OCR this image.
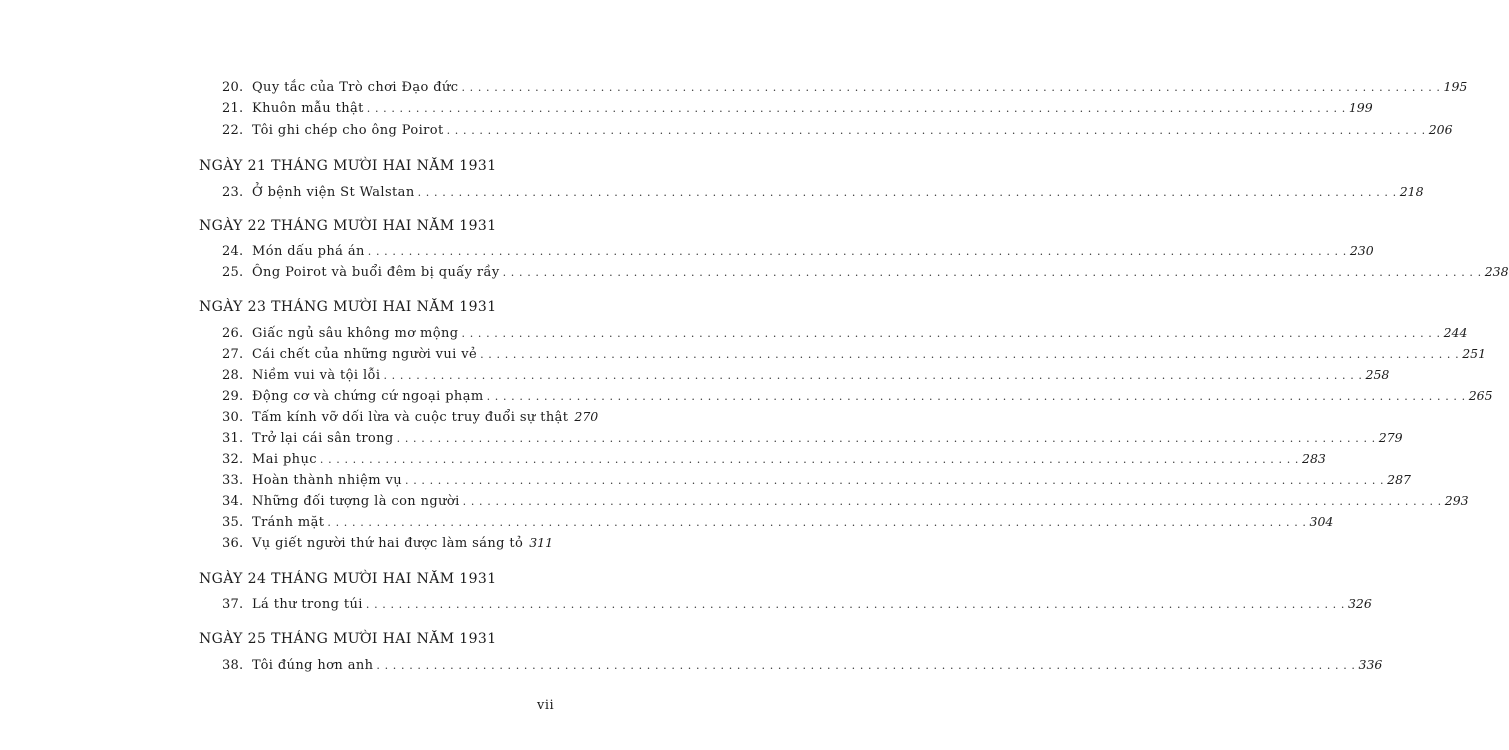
20. Quy tắc của Trò chơi Đạo đức . . . . . . . . . . . . . . . . . . . . . . . . . . . . . . . . . . . . . . . . . . . . . . . . . . . . . . . . . . . . . . . . . . . . . . . . . . . . . . . . . . . . . . . . . . . . . . . . . . . . . . . . . . . . . . . . . . . . . . . . 195
21. Khuôn mẫu thật . . . . . . . . . . . . . . . . . . . . . . . . . . . . . . . . . . . . . . . . . . . . . . . . . . . . . . . . . . . . . . . . . . . . . . . . . . . . . . . . . . . . . . . . . . . . . . . . . . . . . . . . . . . . . . . . . . . . . . . . 199
22. Tôi ghi chép cho ông Poirot . . . . . . . . . . . . . . . . . . . . . . . . . . . . . . . . . . . . . . . . . . . . . . . . . . . . . . . . . . . . . . . . . . . . . . . . . . . . . . . . . . . . . . . . . . . . . . . . . . . . . . . . . . . . . . . . . . . . . . . . 206
NGÀY 21 THÁNG MƯỜI HAI NĂM 1931
23. Ở bệnh viện St Walstan . . . . . . . . . . . . . . . . . . . . . . . . . . . . . . . . . . . . . . . . . . . . . . . . . . . . . . . . . . . . . . . . . . . . . . . . . . . . . . . . . . . . . . . . . . . . . . . . . . . . . . . . . . . . . . . . . . . . . . . . 218
NGÀY 22 THÁNG MƯỜI HAI NĂM 1931
24. Món dấu phá án . . . . . . . . . . . . . . . . . . . . . . . . . . . . . . . . . . . . . . . . . . . . . . . . . . . . . . . . . . . . . . . . . . . . . . . . . . . . . . . . . . . . . . . . . . . . . . . . . . . . . . . . . . . . . . . . . . . . . . . . 230
25. Ông Poirot và buổi đêm bị quấy rầy . . . . . . . . . . . . . . . . . . . . . . . . . . . . . . . . . . . . . . . . . . . . . . . . . . . . . . . . . . . . . . . . . . . . . . . . . . . . . . . . . . . . . . . . . . . . . . . . . . . . . . . . . . . . . . . . . . . . . . . . 238
NGÀY 23 THÁNG MƯỜI HAI NĂM 1931
26. Giấc ngủ sâu không mơ mộng . . . . . . . . . . . . . . . . . . . . . . . . . . . . . . . . . . . . . . . . . . . . . . . . . . . . . . . . . . . . . . . . . . . . . . . . . . . . . . . . . . . . . . . . . . . . . . . . . . . . . . . . . . . . . . . . . . . . . . . . 244
27. Cái chết của những người vui vẻ . . . . . . . . . . . . . . . . . . . . . . . . . . . . . . . . . . . . . . . . . . . . . . . . . . . . . . . . . . . . . . . . . . . . . . . . . . . . . . . . . . . . . . . . . . . . . . . . . . . . . . . . . . . . . . . . . . . . . . . . 251
28. Niềm vui và tội lỗi . . . . . . . . . . . . . . . . . . . . . . . . . . . . . . . . . . . . . . . . . . . . . . . . . . . . . . . . . . . . . . . . . . . . . . . . . . . . . . . . . . . . . . . . . . . . . . . . . . . . . . . . . . . . . . . . . . . . . . . . 258
29. Động cơ và chứng cứ ngoại phạm . . . . . . . . . . . . . . . . . . . . . . . . . . . . . . . . . . . . . . . . . . . . . . . . . . . . . . . . . . . . . . . . . . . . . . . . . . . . . . . . . . . . . . . . . . . . . . . . . . . . . . . . . . . . . . . . . . . . . . . . 265
30. Tấm kính vỡ dối lừa và cuộc truy đuổi sự thật 270
31. Trở lại cái sân trong . . . . . . . . . . . . . . . . . . . . . . . . . . . . . . . . . . . . . . . . . . . . . . . . . . . . . . . . . . . . . . . . . . . . . . . . . . . . . . . . . . . . . . . . . . . . . . . . . . . . . . . . . . . . . . . . . . . . . . . . 279
32. Mai phục . . . . . . . . . . . . . . . . . . . . . . . . . . . . . . . . . . . . . . . . . . . . . . . . . . . . . . . . . . . . . . . . . . . . . . . . . . . . . . . . . . . . . . . . . . . . . . . . . . . . . . . . . . . . . . . . . . . . . . . . 283
33. Hoàn thành nhiệm vụ . . . . . . . . . . . . . . . . . . . . . . . . . . . . . . . . . . . . . . . . . . . . . . . . . . . . . . . . . . . . . . . . . . . . . . . . . . . . . . . . . . . . . . . . . . . . . . . . . . . . . . . . . . . . . . . . . . . . . . . . 287
34. Những đối tượng là con người . . . . . . . . . . . . . . . . . . . . . . . . . . . . . . . . . . . . . . . . . . . . . . . . . . . . . . . . . . . . . . . . . . . . . . . . . . . . . . . . . . . . . . . . . . . . . . . . . . . . . . . . . . . . . . . . . . . . . . . . 293
35. Tránh mặt . . . . . . . . . . . . . . . . . . . . . . . . . . . . . . . . . . . . . . . . . . . . . . . . . . . . . . . . . . . . . . . . . . . . . . . . . . . . . . . . . . . . . . . . . . . . . . . . . . . . . . . . . . . . . . . . . . . . . . . . 304
36. Vụ giết người thứ hai được làm sáng tỏ 311
NGÀY 24 THÁNG MƯỜI HAI NĂM 1931
37. Lá thư trong túi . . . . . . . . . . . . . . . . . . . . . . . . . . . . . . . . . . . . . . . . . . . . . . . . . . . . . . . . . . . . . . . . . . . . . . . . . . . . . . . . . . . . . . . . . . . . . . . . . . . . . . . . . . . . . . . . . . . . . . . . 326
NGÀY 25 THÁNG MƯỜI HAI NĂM 1931
38. Tôi đúng hơn anh . . . . . . . . . . . . . . . . . . . . . . . . . . . . . . . . . . . . . . . . . . . . . . . . . . . . . . . . . . . . . . . . . . . . . . . . . . . . . . . . . . . . . . . . . . . . . . . . . . . . . . . . . . . . . . . . . . . . . . . . 336
vii
